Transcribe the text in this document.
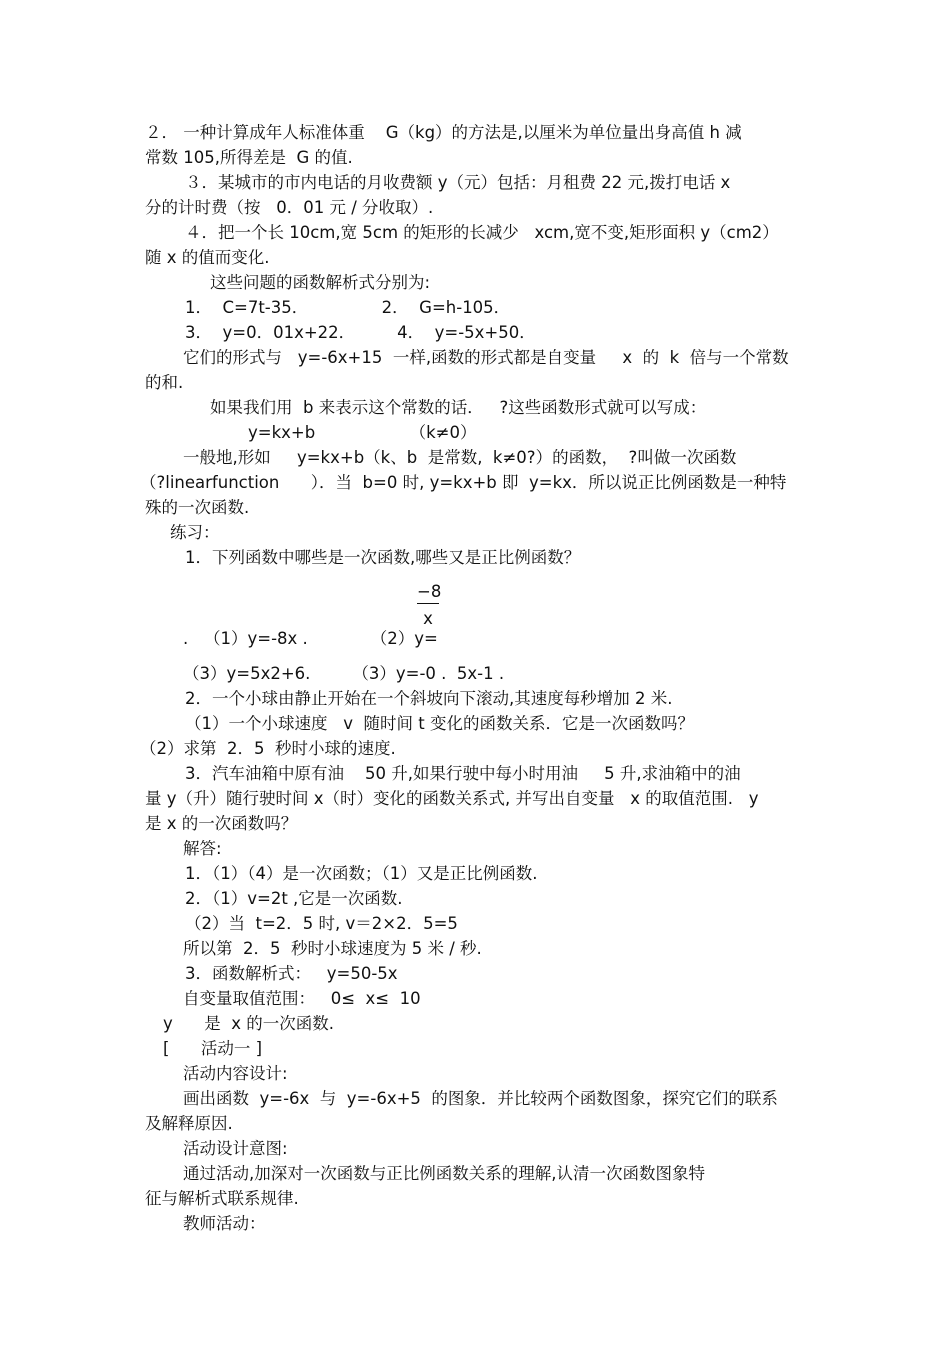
２． 一种计算成年人标准体重    G（kg）的方法是,以厘米为单位量出身高值 h 减
常数 105,所得差是  G 的值.
３．某城市的市内电话的月收费额 y（元）包括：月租费 22 元,拨打电话 x
分的计时费（按   0．01 元 / 分收取）.
４．把一个长 10cm,宽 5cm 的矩形的长减少   xcm,宽不变,矩形面积 y（cm2）
随 x 的值而变化.
这些问题的函数解析式分别为:
1．  C=7t-35．              2．  G=h-105．
3．  y=0．01x+22．        4．  y=-5x+50．
它们的形式与   y=-6x+15  一样,函数的形式都是自变量     x  的  k  倍与一个常数
的和.
如果我们用  b 来表示这个常数的话．   ?这些函数形式就可以写成：
y=kx+b                  （k≠0）
一般地,形如     y=kx+b（k、b  是常数,  k≠0?）的函数，  ?叫做一次函数
（?linearfunction      ）．当  b=0 时, y=kx+b 即  y=kx．所以说正比例函数是一种特
殊的一次函数.
练习：
1．下列函数中哪些是一次函数,哪些又是正比例函数？
−8
x
.   （1）y=-8x .            （2）y=
（3）y=5x2+6.        （3）y=-0 .  5x-1 .
2．一个小球由静止开始在一个斜坡向下滚动,其速度每秒增加 2 米.
（1）一个小球速度   v  随时间 t 变化的函数关系．它是一次函数吗？
（2）求第  2．5  秒时小球的速度.
3．汽车油箱中原有油    50 升,如果行驶中每小时用油     5 升,求油箱中的油
量 y（升）随行驶时间 x（时）变化的函数关系式, 并写出自变量   x 的取值范围.   y
是 x 的一次函数吗？
解答:
1．（1）（4）是一次函数；（1）又是正比例函数.
2．（1）v=2t ,它是一次函数.
（2）当  t=2．5 时, v＝2×2．5=5
所以第  2．5  秒时小球速度为 5 米 / 秒.
3．函数解析式：   y=50-5x
自变量取值范围：   0≤  x≤  10
y      是  x 的一次函数.
[      活动一 ]
活动内容设计:
画出函数  y=-6x  与  y=-6x+5  的图象．并比较两个函数图象，探究它们的联系
及解释原因.
活动设计意图:
通过活动,加深对一次函数与正比例函数关系的理解,认清一次函数图象特
征与解析式联系规律.
教师活动：
